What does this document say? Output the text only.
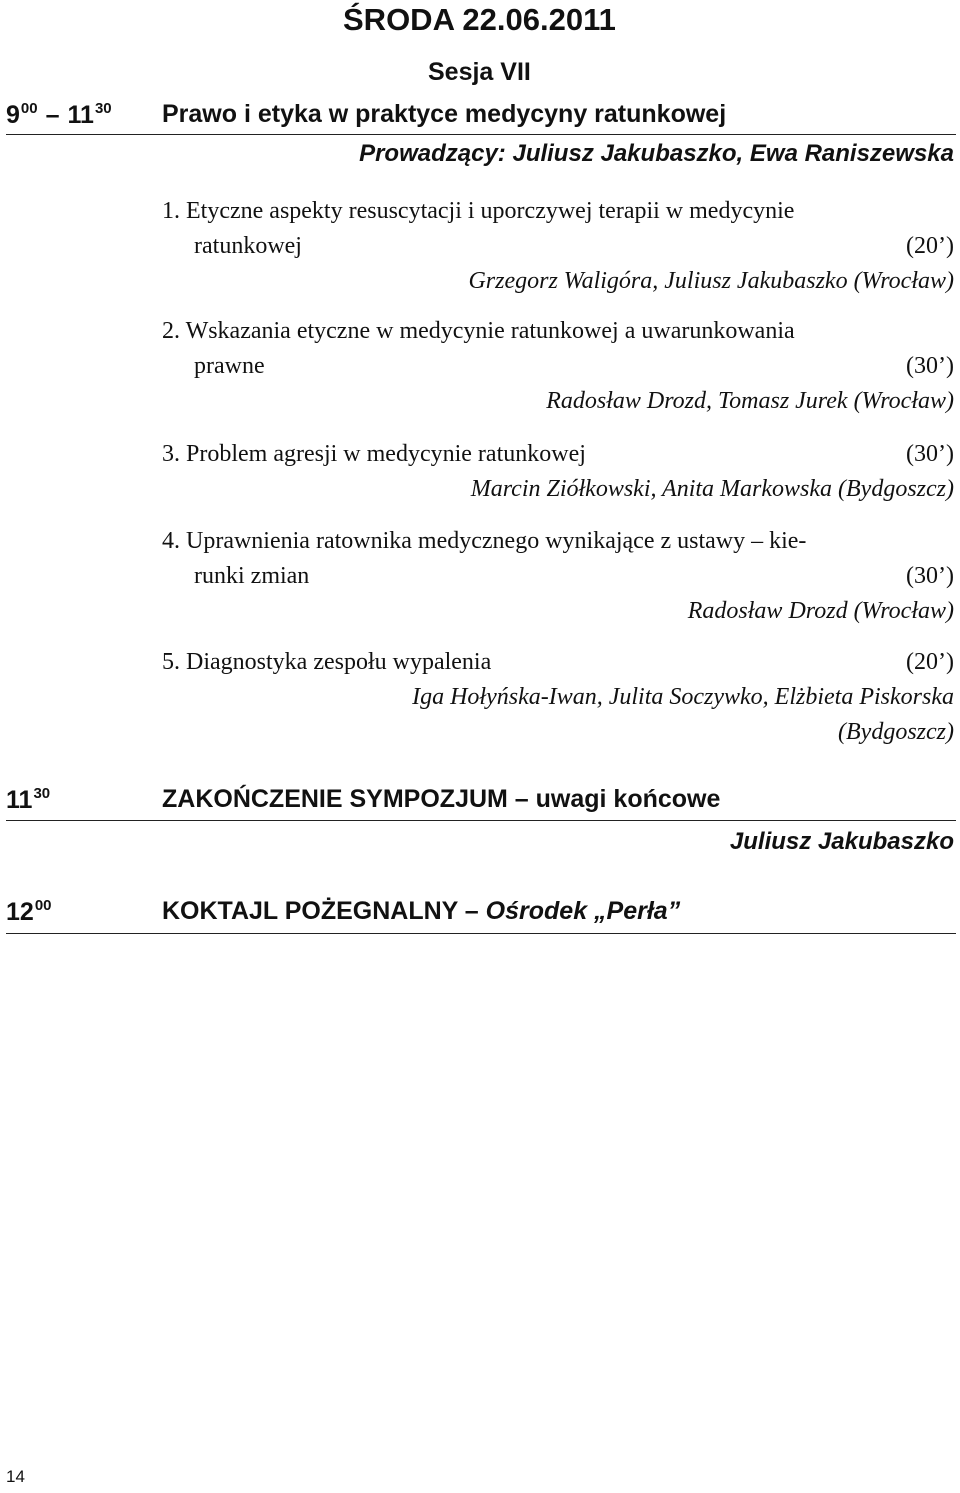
ŚRODA 22.06.2011
Sesja VII
$9^{00} - 11^{30}$ Prawo i etyka w praktyce medycyny ratunkowej
Prowadzący: Juliusz Jakubaszko, Ewa Raniszewska
1. Etyczne aspekty resuscytacji i uporczywej terapii w medycynie
ratunkowej	(20’)
Grzegorz Waligóra, Juliusz Jakubaszko (Wrocław)
2. Wskazania etyczne w medycynie ratunkowej a uwarunkowania
prawne	(30’)
Radosław Drozd, Tomasz Jurek (Wrocław)
3. Problem agresji w medycynie ratunkowej	(30’)
Marcin Ziółkowski, Anita Markowska (Bydgoszcz)
4. Uprawnienia ratownika medycznego wynikające z ustawy – kie-
runki zmian	(30’)
Radosław Drozd (Wrocław)
5. Diagnostyka zespołu wypalenia	(20’)
Iga Hołyńska-Iwan, Julita Soczywko, Elżbieta Piskorska
(Bydgoszcz)
$11^{30}$	ZAKOŃCZENIE SYMPOZJUM – uwagi końcowe
Juliusz Jakubaszko
$12^{00}$	KOKTAJL POŻEGNALNY – Ośrodek „Perła”
14
